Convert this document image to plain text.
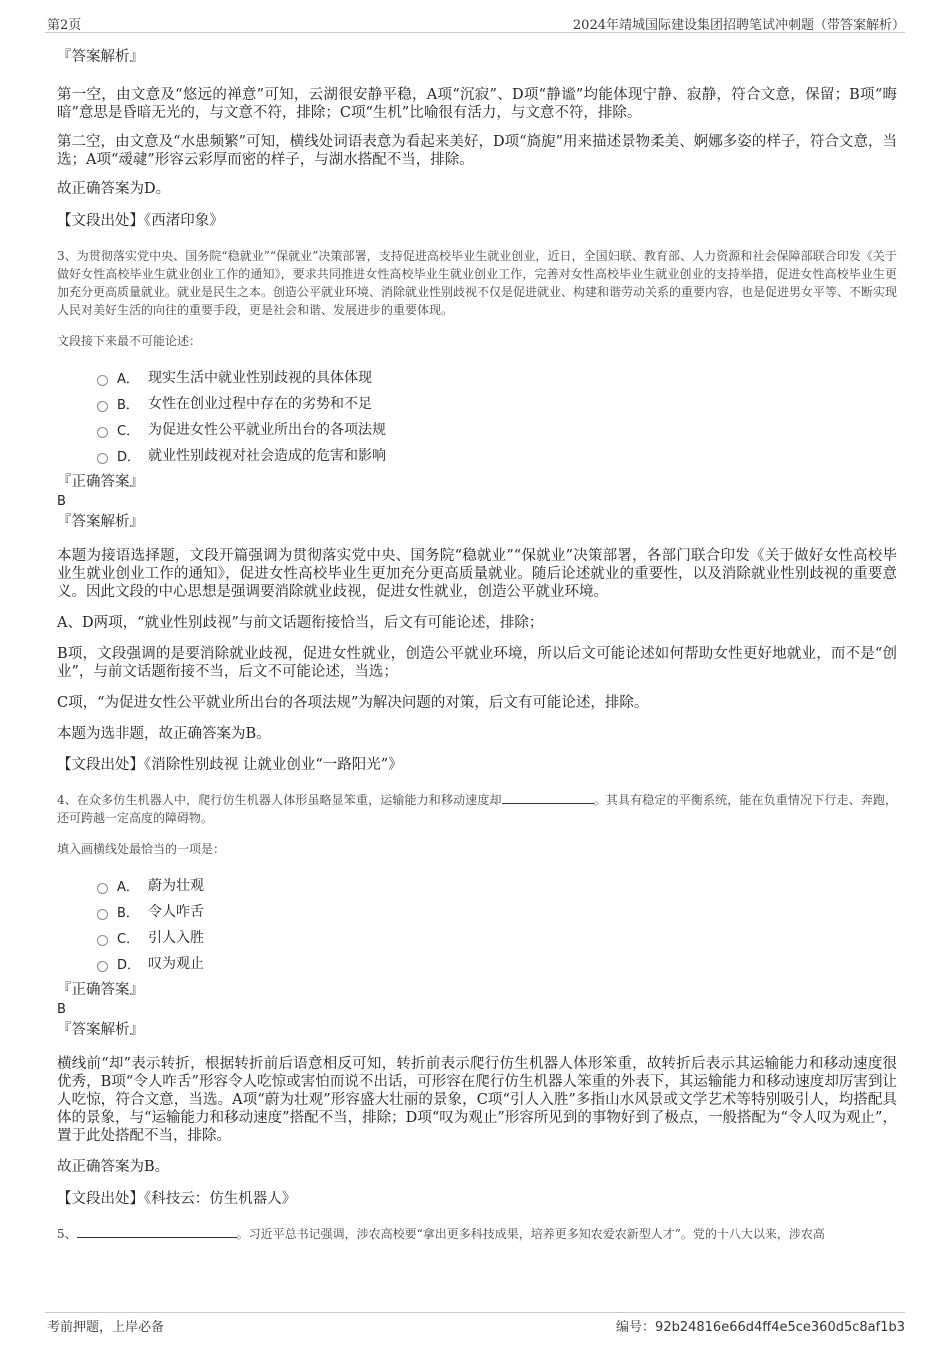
第2页	2024年靖城国际建设集团招聘笔试冲刺题（带答案解析）

『答案解析』

第一空，由文意及“悠远的禅意”可知，云湖很安静平稳，A项“沉寂”、D项“静谧”均能体现宁静、寂静，符合文意，保留；B项“晦暗”意思是昏暗无光的，与文意不符，排除；C项“生机”比喻很有活力，与文意不符，排除。

第二空，由文意及“水患频繁”可知，横线处词语表意为看起来美好，D项“旖旎”用来描述景物柔美、婀娜多姿的样子，符合文意，当选；A项“叆叇”形容云彩厚而密的样子，与湖水搭配不当，排除。

故正确答案为D。

【文段出处】《西渚印象》

3、为贯彻落实党中央、国务院“稳就业”“保就业”决策部署，支持促进高校毕业生就业创业，近日，全国妇联、教育部、人力资源和社会保障部联合印发《关于做好女性高校毕业生就业创业工作的通知》，要求共同推进女性高校毕业生就业创业工作，完善对女性高校毕业生就业创业的支持举措，促进女性高校毕业生更加充分更高质量就业。就业是民生之本。创造公平就业环境、消除就业性别歧视不仅是促进就业、构建和谐劳动关系的重要内容，也是促进男女平等、不断实现人民对美好生活的向往的重要手段，更是社会和谐、发展进步的重要体现。

文段接下来最不可能论述：

A． 现实生活中就业性别歧视的具体体现
B． 女性在创业过程中存在的劣势和不足
C． 为促进女性公平就业所出台的各项法规
D． 就业性别歧视对社会造成的危害和影响

『正确答案』

B

『答案解析』

本题为接语选择题，文段开篇强调为贯彻落实党中央、国务院“稳就业”“保就业”决策部署，各部门联合印发《关于做好女性高校毕业生就业创业工作的通知》，促进女性高校毕业生更加充分更高质量就业。随后论述就业的重要性，以及消除就业性别歧视的重要意义。因此文段的中心思想是强调要消除就业歧视，促进女性就业，创造公平就业环境。

A、D两项，“就业性别歧视”与前文话题衔接恰当，后文有可能论述，排除；

B项，文段强调的是要消除就业歧视，促进女性就业，创造公平就业环境，所以后文可能论述如何帮助女性更好地就业，而不是“创业”，与前文话题衔接不当，后文不可能论述，当选；

C项，“为促进女性公平就业所出台的各项法规”为解决问题的对策，后文有可能论述，排除。

本题为选非题，故正确答案为B。

【文段出处】《消除性别歧视 让就业创业“一路阳光”》

4、在众多仿生机器人中，爬行仿生机器人体形虽略显笨重，运输能力和移动速度却	。其具有稳定的平衡系统，能在负重情况下行走、奔跑，还可跨越一定高度的障碍物。

填入画横线处最恰当的一项是：

A． 蔚为壮观
B． 令人咋舌
C． 引人入胜
D． 叹为观止

『正确答案』

B

『答案解析』

横线前“却”表示转折，根据转折前后语意相反可知，转折前表示爬行仿生机器人体形笨重，故转折后表示其运输能力和移动速度很优秀，B项“令人咋舌”形容令人吃惊或害怕而说不出话，可形容在爬行仿生机器人笨重的外表下，其运输能力和移动速度却厉害到让人吃惊，符合文意，当选。A项“蔚为壮观”形容盛大壮丽的景象，C项“引人入胜”多指山水风景或文学艺术等特别吸引人，均搭配具体的景象，与“运输能力和移动速度”搭配不当，排除；D项“叹为观止”形容所见到的事物好到了极点，一般搭配为“令人叹为观止”，置于此处搭配不当，排除。

故正确答案为B。

【文段出处】《科技云：仿生机器人》

5、	。习近平总书记强调，涉农高校要“拿出更多科技成果，培养更多知农爱农新型人才”。党的十八大以来，涉农高

考前押题，上岸必备	编号：92b24816e66d4ff4e5ce360d5c8af1b3
